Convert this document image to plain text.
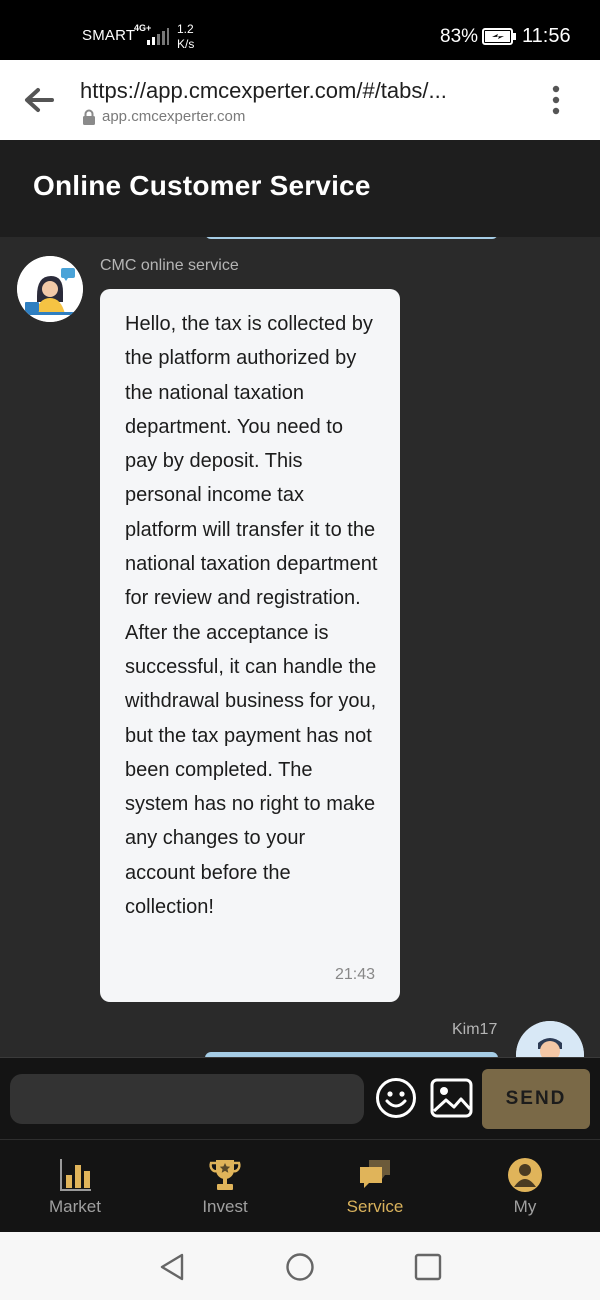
SMART
4G+ 1.2
K/s	83% 11:56
https://app.cmcexperter.com/#/tabs/...
app.cmcexperter.com
Online Customer Service
CMC online service
Hello, the tax is collected by the platform authorized by the national taxation department. You need to pay by deposit. This personal income tax platform will transfer it to the national taxation department for review and registration. After the acceptance is successful, it can handle the withdrawal business for you, but the tax payment has not been completed. The system has no right to make any changes to your account before the collection!
21:43
Kim17
SEND
Market	Invest	Service	My
